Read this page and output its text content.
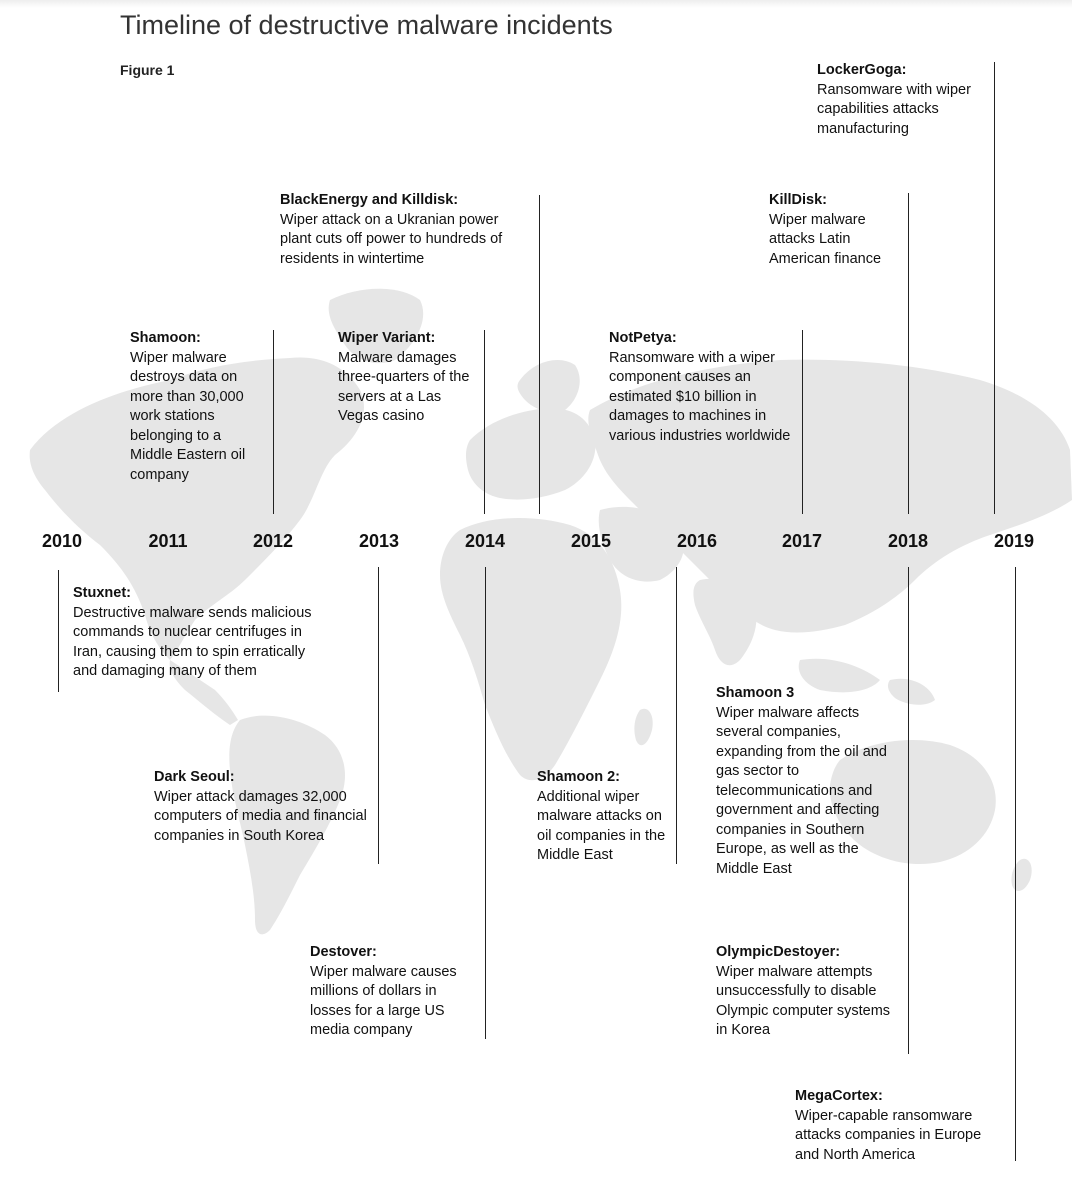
Timeline of destructive malware incidents
Figure 1
2010	2011	2012	2013	2014	2015	2016	2017	2018	2019
LockerGoga:
Ransomware with wiper capabilities attacks manufacturing
BlackEnergy and Killdisk:
Wiper attack on a Ukranian power plant cuts off power to hundreds of residents in wintertime
KillDisk:
Wiper malware attacks Latin American finance
Shamoon:
Wiper malware destroys data on more than 30,000 work stations belonging to a Middle Eastern oil company
Wiper Variant:
Malware damages three-quarters of the servers at a Las Vegas casino
NotPetya:
Ransomware with a wiper component causes an estimated $10 billion in damages to machines in various industries worldwide
Stuxnet:
Destructive malware sends malicious commands to nuclear centrifuges in Iran, causing them to spin erratically and damaging many of them
Shamoon 3
Wiper malware affects several companies, expanding from the oil and gas sector to telecommunications and government and affecting companies in Southern Europe, as well as the Middle East
Dark Seoul:
Wiper attack damages 32,000 computers of media and financial companies in South Korea
Shamoon 2:
Additional wiper malware attacks on oil companies in the Middle East
Destover:
Wiper malware causes millions of dollars in losses for a large US media company
OlympicDestoyer:
Wiper malware attempts unsuccessfully to disable Olympic computer systems in Korea
MegaCortex:
Wiper-capable ransomware attacks companies in Europe and North America
